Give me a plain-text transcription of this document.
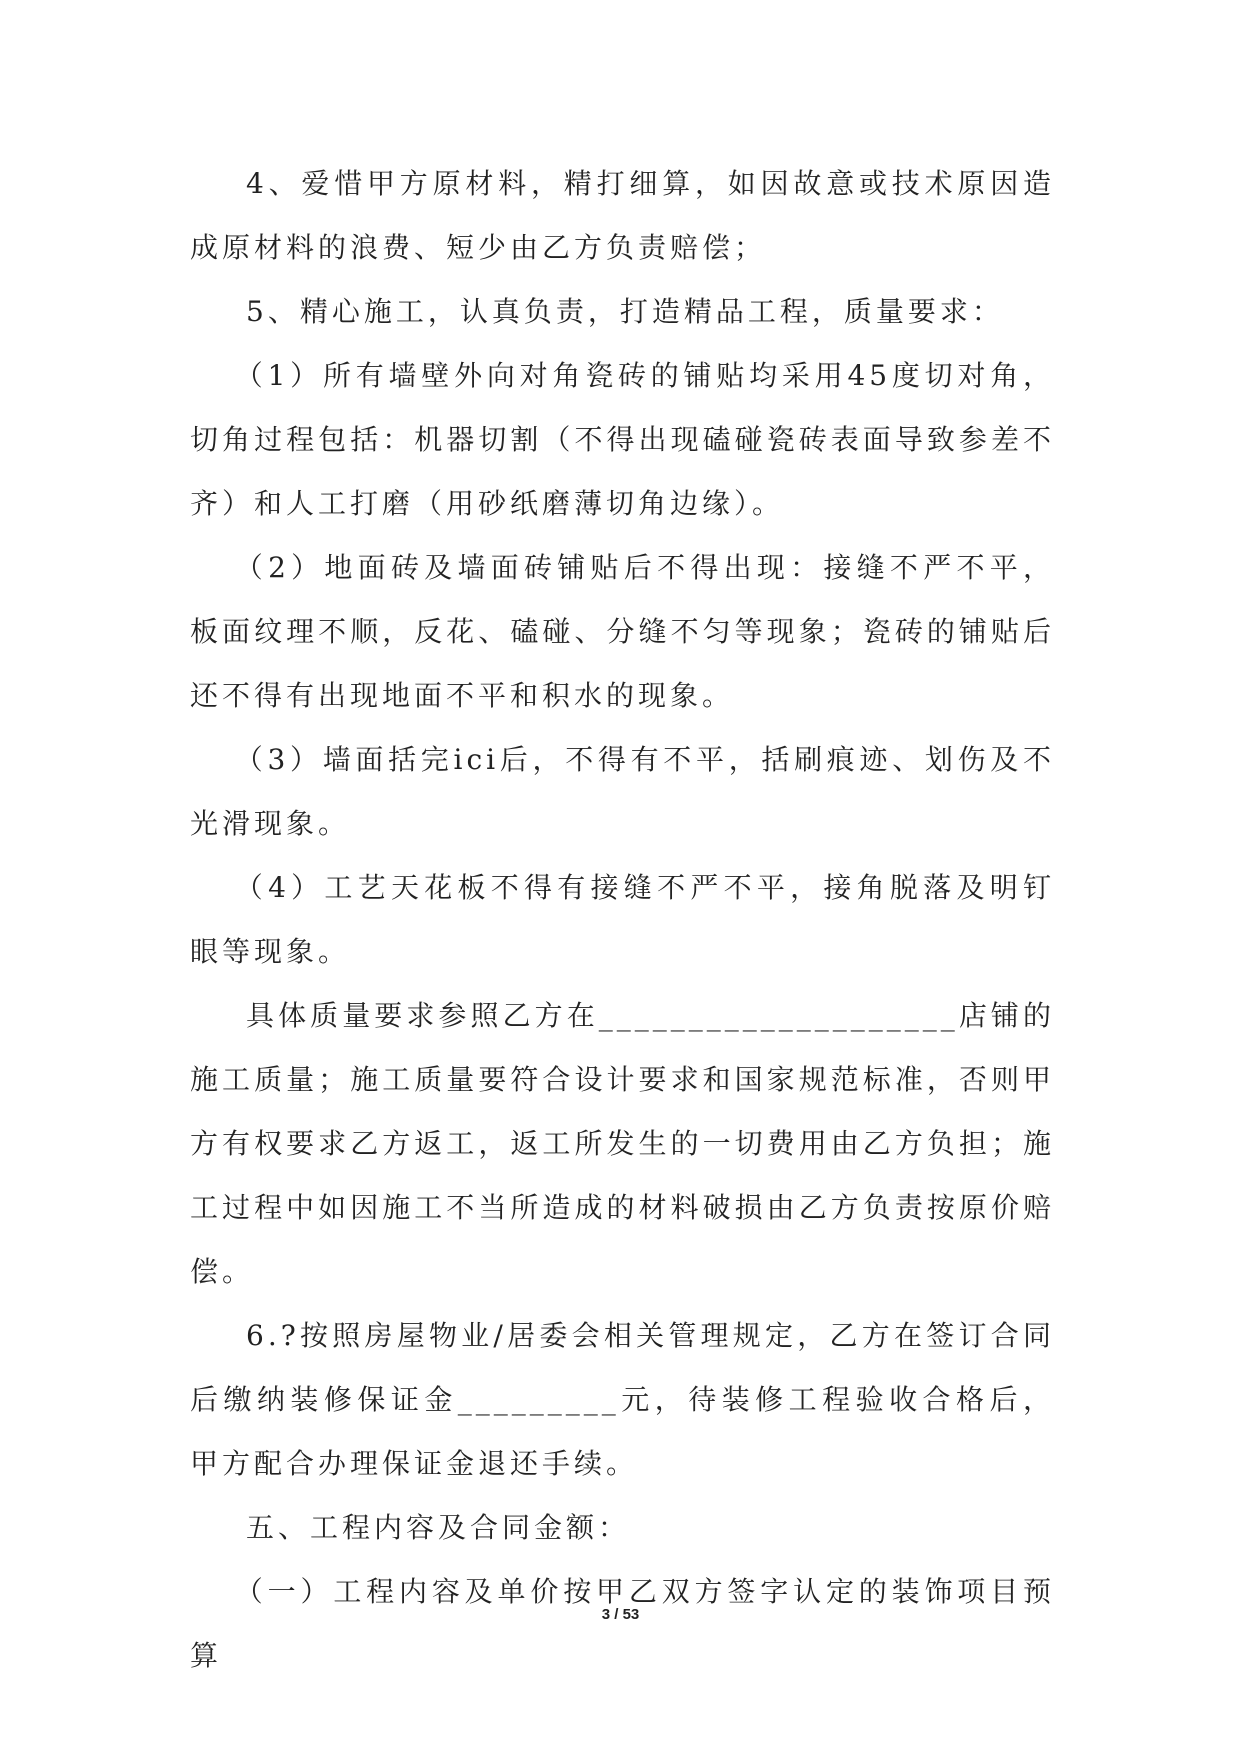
4、爱惜甲方原材料，精打细算，如因故意或技术原因造成原材料的浪费、短少由乙方负责赔偿；

5、精心施工，认真负责，打造精品工程，质量要求：

（1）所有墙壁外向对角瓷砖的铺贴均采用45度切对角，切角过程包括：机器切割（不得出现磕碰瓷砖表面导致参差不齐）和人工打磨（用砂纸磨薄切角边缘）。

（2）地面砖及墙面砖铺贴后不得出现：接缝不严不平，板面纹理不顺，反花、磕碰、分缝不匀等现象；瓷砖的铺贴后还不得有出现地面不平和积水的现象。

（3）墙面括完ici后，不得有不平，括刷痕迹、划伤及不光滑现象。

（4）工艺天花板不得有接缝不严不平，接角脱落及明钉眼等现象。

具体质量要求参照乙方在____________________店铺的施工质量；施工质量要符合设计要求和国家规范标准，否则甲方有权要求乙方返工，返工所发生的一切费用由乙方负担；施工过程中如因施工不当所造成的材料破损由乙方负责按原价赔偿。

6.?按照房屋物业/居委会相关管理规定，乙方在签订合同后缴纳装修保证金_________元，待装修工程验收合格后，甲方配合办理保证金退还手续。

五、工程内容及合同金额：

（一）工程内容及单价按甲乙双方签字认定的装饰项目预算

3 / 53
